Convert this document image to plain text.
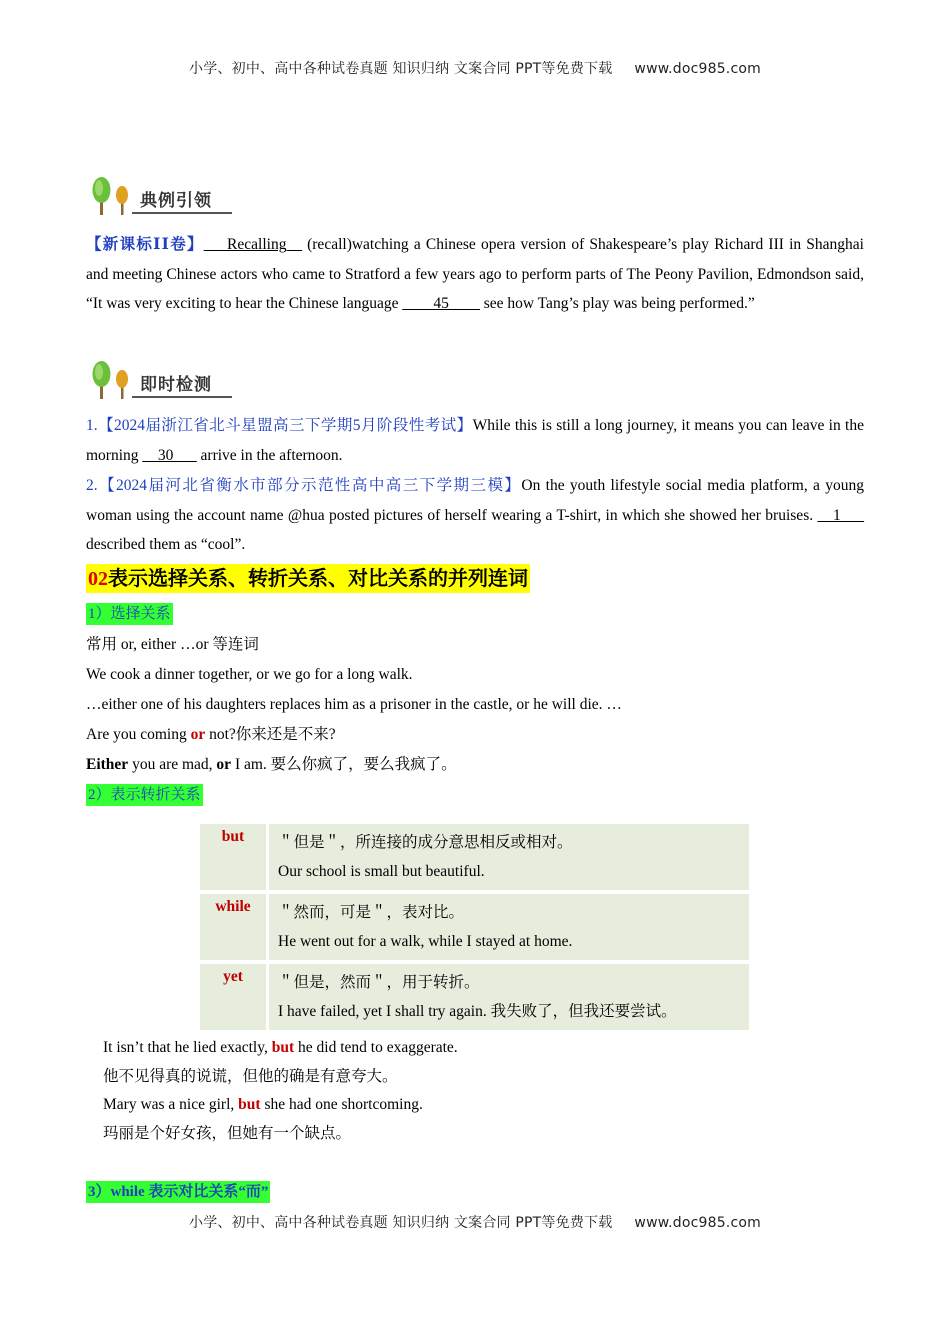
小学、初中、高中各种试卷真题 知识归纳 文案合同 PPT等免费下载 www.doc985.com
典例引领
【新课标ⅠⅠ卷】___Recalling__ (recall)watching a Chinese opera version of Shakespeare’s play Richard III in Shanghai and meeting Chinese actors who came to Stratford a few years ago to perform parts of The Peony Pavilion, Edmondson said, “It was very exciting to hear the Chinese language ____45____ see how Tang’s play was being performed.”
即时检测
1.【2024届浙江省北斗星盟高三下学期5月阶段性考试】While this is still a long journey, it means you can leave in the morning __30___ arrive in the afternoon.
2.【2024届河北省衡水市部分示范性高中高三下学期三模】On the youth lifestyle social media platform, a young woman using the account name @hua posted pictures of herself wearing a T-shirt, in which she showed her bruises. __1___ described them as “cool”.
02表示选择关系、转折关系、对比关系的并列连词
1）选择关系
常用 or, either …or 等连词
We cook a dinner together, or we go for a long walk.
…either one of his daughters replaces him as a prisoner in the castle, or he will die. …
Are you coming or not?你来还是不来?
Either you are mad, or I am. 要么你疯了，要么我疯了。
2）表示转折关系
but	＂但是＂，所连接的成分意思相反或相对。
Our school is small but beautiful.

while	＂然而，可是＂，表对比。
He went out for a walk, while I stayed at home.

yet	＂但是，然而＂，用于转折。
I have failed, yet I shall try again. 我失败了，但我还要尝试。
It isn’t that he lied exactly, but he did tend to exaggerate.
他不见得真的说谎，但他的确是有意夸大。
Mary was a nice girl, but she had one shortcoming.
玛丽是个好女孩，但她有一个缺点。
3）while 表示对比关系“而”
小学、初中、高中各种试卷真题 知识归纳 文案合同 PPT等免费下载 www.doc985.com
